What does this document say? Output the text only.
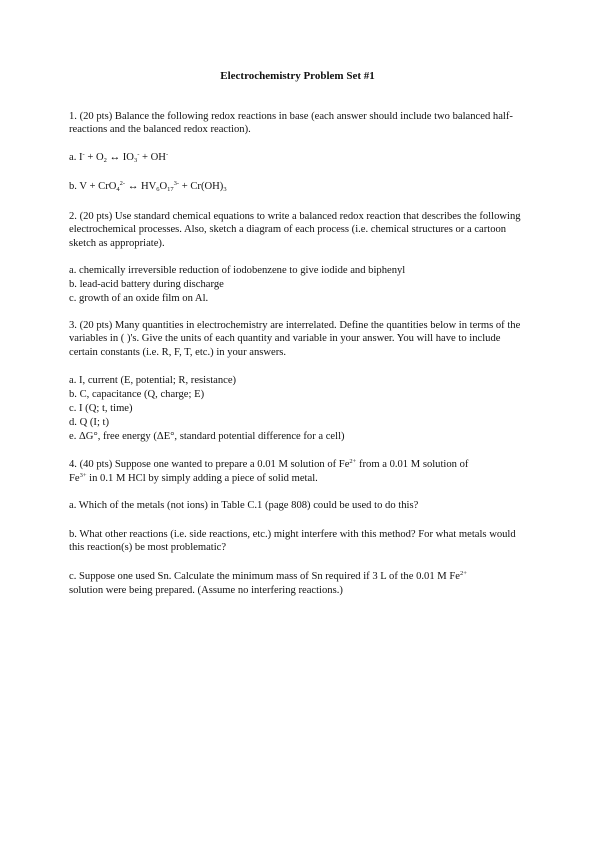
Electrochemistry Problem Set #1

1. (20 pts) Balance the following redox reactions in base (each answer should include two balanced half-reactions and the balanced redox reaction).

a. $I^- + O_2$ ↔ $IO_3^- + OH^-$
b. V + CrO$_4^{2-}$ ↔ $HV_6O_{17}^{3-} + Cr(OH)_3$

2. (20 pts) Use standard chemical equations to write a balanced redox reaction that describes the following electrochemical processes. Also, sketch a diagram of each process (i.e. chemical structures or a cartoon sketch as appropriate).

a. chemically irreversible reduction of iodobenzene to give iodide and biphenyl
b. lead-acid battery during discharge
c. growth of an oxide film on Al.

3. (20 pts) Many quantities in electrochemistry are interrelated. Define the quantities below in terms of the variables in ( )'s. Give the units of each quantity and variable in your answer. You will have to include certain constants (i.e. R, F, T, etc.) in your answers.

a. I, current (E, potential; R, resistance)
b. C, capacitance (Q, charge; E)
c. I (Q; t, time)
d. Q (I; t)
e. ΔG°, free energy (ΔE°, standard potential difference for a cell)
4. (40 pts) Suppose one wanted to prepare a 0.01 M solution of $Fe^{2+}$ from a 0.01 M solution of
$Fe^{3+}$ in 0.1 M HCl by simply adding a piece of solid metal.
a. Which of the metals (not ions) in Table C.1 (page 808) could be used to do this?

b. What other reactions (i.e. side reactions, etc.) might interfere with this method? For what metals would this reaction(s) be most problematic?

c. Suppose one used Sn. Calculate the minimum mass of Sn required if 3 L of the 0.01 M $Fe^{2+}$
solution were being prepared. (Assume no interfering reactions.)
